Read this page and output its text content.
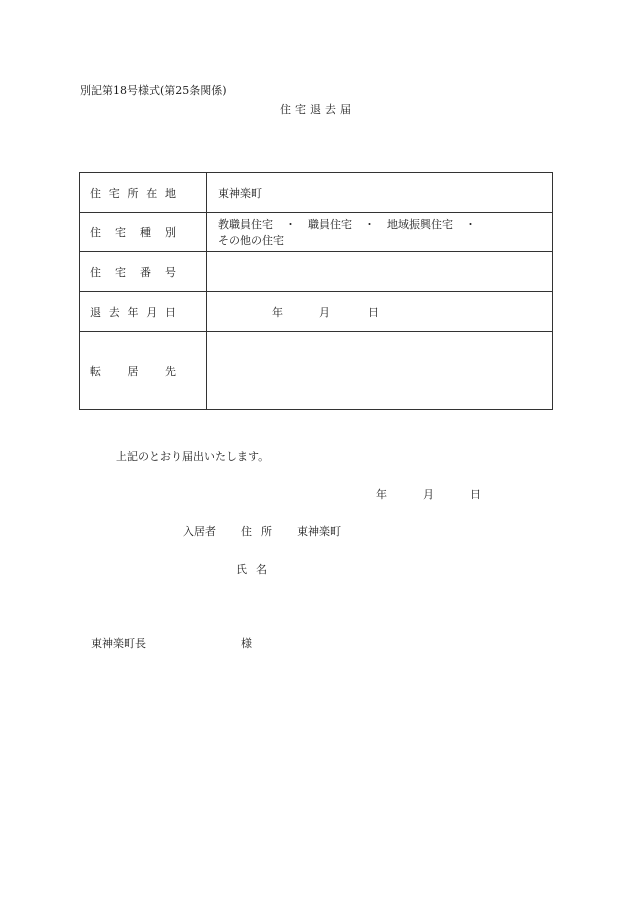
別記第18号様式(第25条関係)
住宅退去届
住 宅 所 在 地	東神楽町

住 宅 種 別	教職員住宅 ・ 職員住宅 ・ 地域振興住宅 ・その他の住宅

住 宅 番 号	

退 去 年 月 日	年 月 日

転 居 先	

上記のとおり届出いたします。
年	月	日
入居者 住所 東神楽町
氏名
東神楽町長	様
